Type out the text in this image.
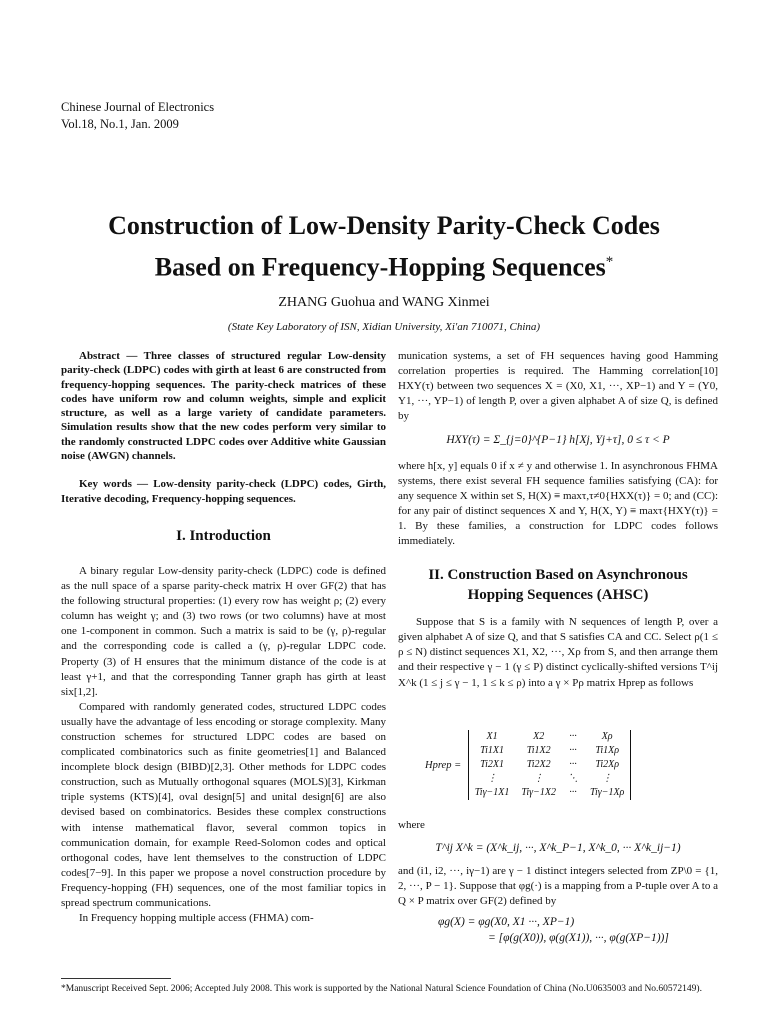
Chinese Journal of Electronics
Vol.18, No.1, Jan. 2009
Construction of Low-Density Parity-Check Codes
Based on Frequency-Hopping Sequences*
ZHANG Guohua and WANG Xinmei
(State Key Laboratory of ISN, Xidian University, Xi'an 710071, China)

Abstract — Three classes of structured regular Low-density parity-check (LDPC) codes with girth at least 6 are constructed from frequency-hopping sequences. The parity-check matrices of these codes have uniform row and column weights, simple and explicit structure, as well as a large variety of candidate parameters. Simulation results show that the new codes perform very similar to the randomly constructed LDPC codes over Additive white Gaussian noise (AWGN) channels.

Key words — Low-density parity-check (LDPC) codes, Girth, Iterative decoding, Frequency-hopping sequences.

I. Introduction

A binary regular Low-density parity-check (LDPC) code is defined as the null space of a sparse parity-check matrix H over GF(2) that has the following structural properties: (1) every row has weight ρ; (2) every column has weight γ; and (3) two rows (or two columns) have at most one 1-component in common. Such a matrix is said to be (γ, ρ)-regular and the corresponding code is called a (γ, ρ)-regular LDPC code. Property (3) of H ensures that the minimum distance of the code is at least γ+1, and that the corresponding Tanner graph has girth at least six[1,2].

Compared with randomly generated codes, structured LDPC codes usually have the advantage of less encoding or storage complexity. Many construction schemes for structured LDPC codes are based on complicated combinatorics such as finite geometries[1] and Balanced incomplete block design (BIBD)[2,3]. Other methods for LDPC codes construction, such as Mutually orthogonal squares (MOLS)[3], Kirkman triple systems (KTS)[4], oval design[5] and unital design[6] are also devised based on combinatorics. Besides these complex constructions with intense mathematical flavor, several common topics in communication domain, for example Reed-Solomon codes and optical orthogonal codes, have lent themselves to the construction of LDPC codes[7−9]. In this paper we propose a novel construction procedure by Frequency-hopping (FH) sequences, one of the most familiar topics in spread spectrum communications.

In Frequency hopping multiple access (FHMA) com-

munication systems, a set of FH sequences having good Hamming correlation properties is required. The Hamming correlation[10] HXY(τ) between two sequences X = (X0, X1, ···, XP−1) and Y = (Y0, Y1, ···, YP−1) of length P, over a given alphabet A of size Q, is defined by

HXY(τ) = Σ_{j=0}^{P−1} h[Xj, Yj+τ], 0 ≤ τ < P

where h[x, y] equals 0 if x ≠ y and otherwise 1. In asynchronous FHMA systems, there exist several FH sequence families satisfying (CA): for any sequence X within set S, H(X) ≡ maxτ,τ≠0{HXX(τ)} = 0; and (CC): for any pair of distinct sequences X and Y, H(X, Y) ≡ maxτ{HXY(τ)} = 1. By these families, a construction for LDPC codes follows immediately.

II. Construction Based on Asynchronous
Hopping Sequences (AHSC)

Suppose that S is a family with N sequences of length P, over a given alphabet A of size Q, and that S satisfies CA and CC. Select ρ(1 ≤ ρ ≤ N) distinct sequences X1, X2, ···, Xρ from S, and then arrange them and their respective γ − 1 (γ ≤ P) distinct cyclically-shifted versions T^ij X^k (1 ≤ j ≤ γ − 1, 1 ≤ k ≤ ρ) into a γ × Pρ matrix Hprep as follows

Hprep = X1	X2	···	Xρ
Ti1X1	Ti1X2	···	Ti1Xρ
Ti2X1	Ti2X2	···	Ti2Xρ
⋮	⋮	⋱	⋮
Tiγ−1X1	Tiγ−1X2	···	Tiγ−1Xρ

where

T^ij X^k = (X^k_ij, ···, X^k_P−1, X^k_0, ··· X^k_ij−1)

and (i1, i2, ···, iγ−1) are γ − 1 distinct integers selected from ZP\0 = {1, 2, ···, P − 1}. Suppose that φg(·) is a mapping from a P-tuple over A to a Q × P matrix over GF(2) defined by

φg(X) = φg(X0, X1 ···, XP−1)
= [φ(g(X0)), φ(g(X1)), ···, φ(g(XP−1))]
*Manuscript Received Sept. 2006; Accepted July 2008. This work is supported by the National Natural Science Foundation of China (No.U0635003 and No.60572149).
